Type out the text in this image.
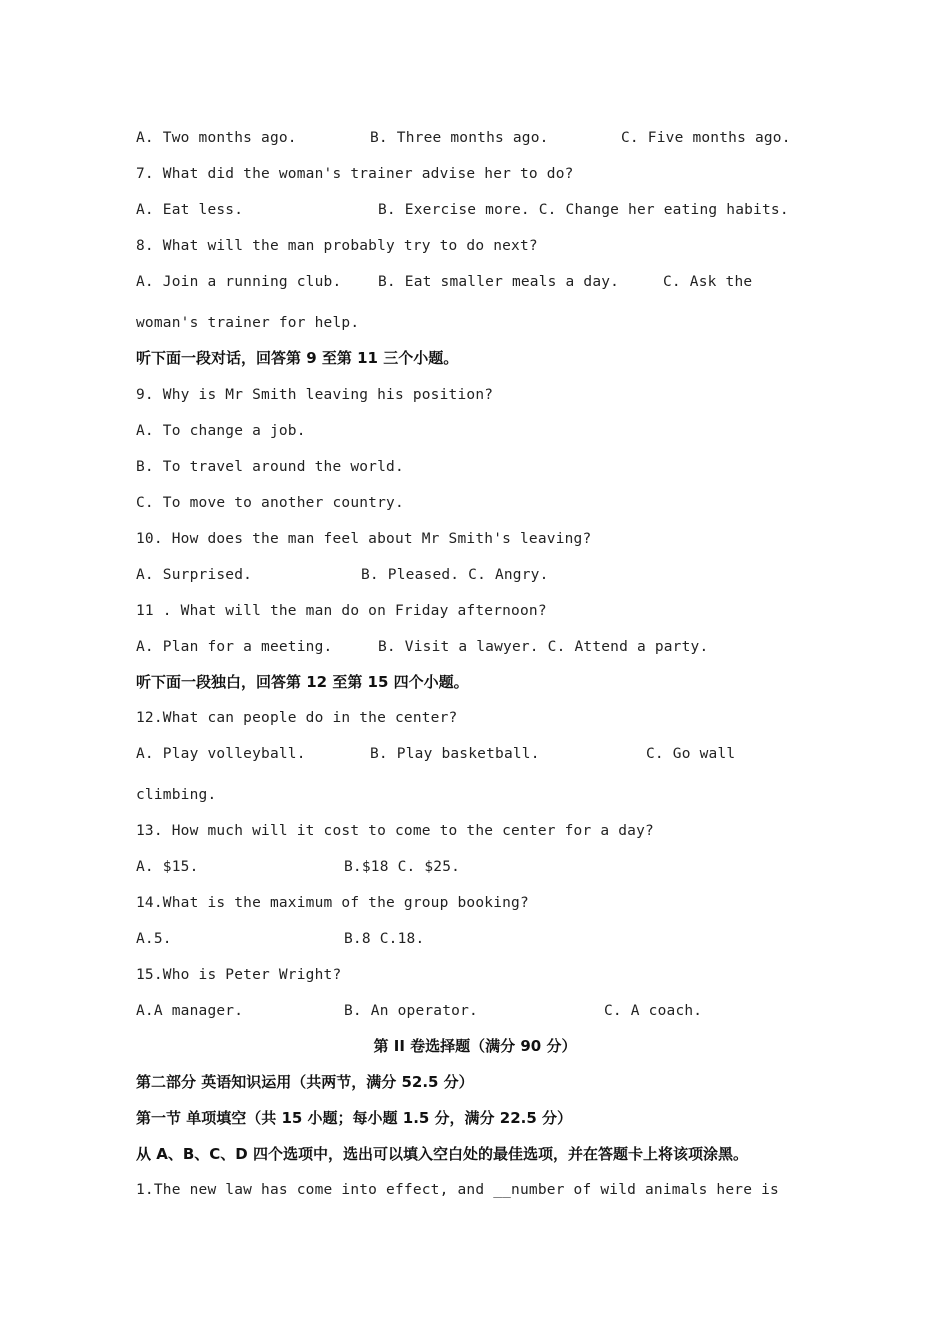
A. Two months ago.	B. Three months ago.	C. Five months ago.
7. What did the woman's trainer advise her to do?
A. Eat less.	B. Exercise more. C. Change her eating habits.
8. What will the man probably try to do next?
A. Join a running club.	B. Eat smaller meals a day.	C. Ask the
woman's trainer for help.
听下面一段对话，回答第 9 至第 11 三个小题。
9. Why is Mr Smith leaving his position?
A. To change a job.
B. To travel around the world.
C. To move to another country.
10. How does the man feel about Mr Smith's leaving?
A. Surprised.	B. Pleased. C. Angry.
11 . What will the man do on Friday afternoon?
A. Plan for a meeting.	B. Visit a lawyer. C. Attend a party.
听下面一段独白，回答第 12 至第 15 四个小题。
12.What can people do in the center?
A. Play volleyball.	B. Play basketball.	C. Go wall
climbing.
13. How much will it cost to come to the center for a day?
A. $15.	B.$18 C. $25.
14.What is the maximum of the group booking?
A.5.	B.8 C.18.
15.Who is Peter Wright?
A.A manager.	B. An operator.	C. A coach.
第 II 卷选择题（满分 90 分）
第二部分 英语知识运用（共两节，满分 52.5 分）
第一节 单项填空（共 15 小题；每小题 1.5 分，满分 22.5 分）
从 A、B、C、D 四个选项中，选出可以填入空白处的最佳选项，并在答题卡上将该项涂黑。
1.The new law has come into effect, and __number of wild animals here is
